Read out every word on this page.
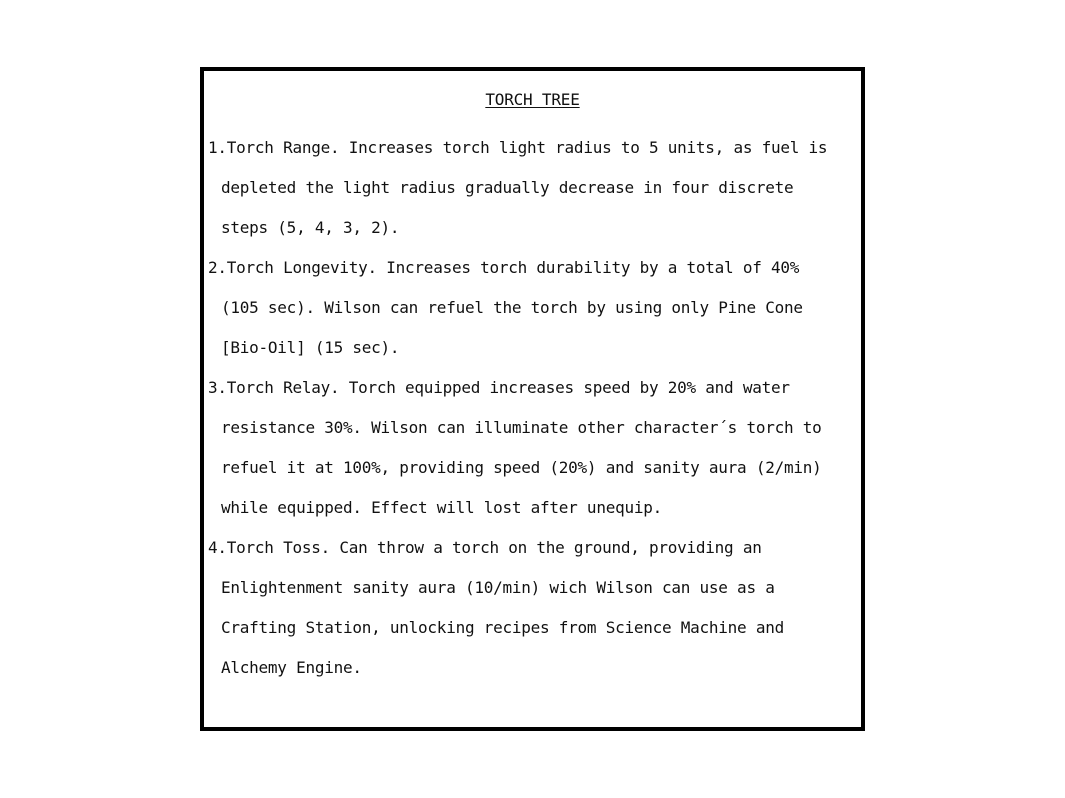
TORCH TREE
1.Torch Range. Increases torch light radius to 5 units, as fuel is
depleted the light radius gradually decrease in four discrete
steps (5, 4, 3, 2).
2.Torch Longevity. Increases torch durability by a total of 40%
(105 sec). Wilson can refuel the torch by using only Pine Cone
[Bio-Oil] (15 sec).
3.Torch Relay. Torch equipped increases speed by 20% and water
resistance 30%. Wilson can illuminate other character´s torch to
refuel it at 100%, providing speed (20%) and sanity aura (2/min)
while equipped. Effect will lost after unequip.
4.Torch Toss. Can throw a torch on the ground, providing an
Enlightenment sanity aura (10/min) wich Wilson can use as a
Crafting Station, unlocking recipes from Science Machine and
Alchemy Engine.
